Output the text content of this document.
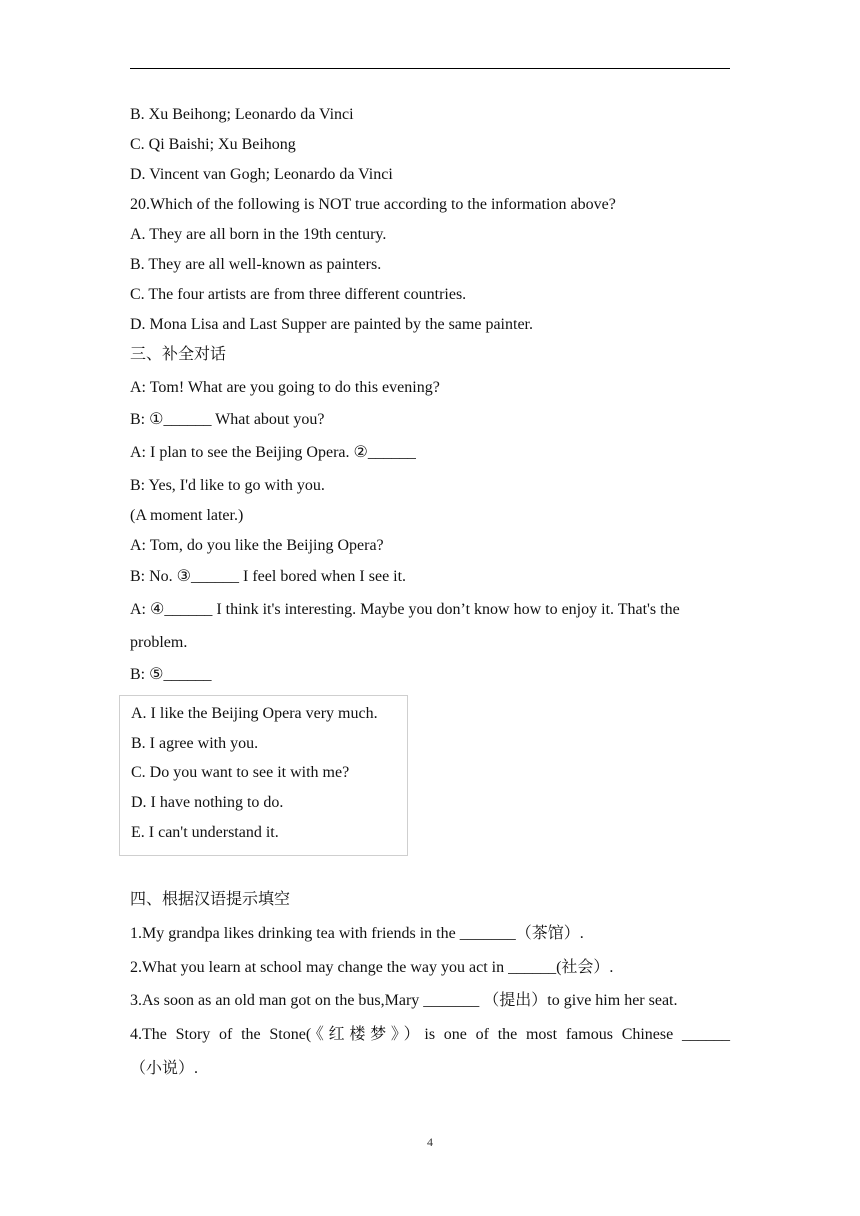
B. Xu Beihong; Leonardo da Vinci
C. Qi Baishi; Xu Beihong
D. Vincent van Gogh; Leonardo da Vinci
20.Which of the following is NOT true according to the information above?
A. They are all born in the 19th century.
B. They are all well-known as painters.
C. The four artists are from three different countries.
D. Mona Lisa and Last Supper are painted by the same painter.
三、补全对话
A: Tom! What are you going to do this evening?
B: ①______ What about you?
A: I plan to see the Beijing Opera. ②______
B: Yes, I'd like to go with you.
(A moment later.)
A: Tom, do you like the Beijing Opera?
B: No. ③______ I feel bored when I see it.
A: ④______ I think it's interesting. Maybe you don’t know how to enjoy it. That's the
problem.
B: ⑤______
A. I like the Beijing Opera very much.
B. I agree with you.
C. Do you want to see it with me?
D. I have nothing to do.
E. I can't understand it.
四、根据汉语提示填空
1.My grandpa likes drinking tea with friends in the _______（茶馆）.
2.What you learn at school may change the way you act in ______(社会）.
3.As soon as an old man got on the bus,Mary _______ （提出）to give him her seat.
4.The Story of the Stone(《红楼梦》）is one of the most famous Chinese ______
（小说）.
4
